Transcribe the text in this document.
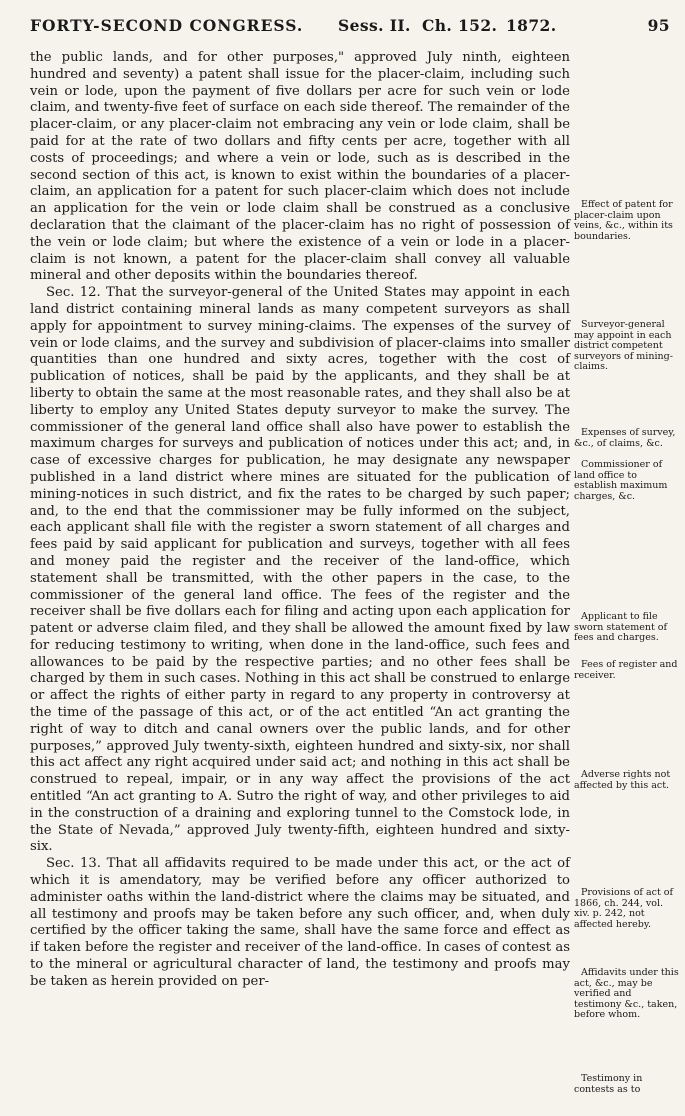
FORTY-SECOND CONGRESS. Sess. II. Ch. 152. 1872.	95

the public lands, and for other purposes," approved July ninth, eighteen hundred and seventy) a patent shall issue for the placer-claim, including such vein or lode, upon the payment of five dollars per acre for such vein or lode claim, and twenty-five feet of surface on each side thereof. The remainder of the placer-claim, or any placer-claim not embracing any vein or lode claim, shall be paid for at the rate of two dollars and fifty cents per acre, together with all costs of proceedings; and where a vein or lode, such as is described in the second section of this act, is known to exist within the boundaries of a placer-claim, an application for a patent for such placer-claim which does not include an application for the vein or lode claim shall be construed as a conclusive declaration that the claimant of the placer-claim has no right of possession of the vein or lode claim; but where the existence of a vein or lode in a placer-claim is not known, a patent for the placer-claim shall convey all valuable mineral and other deposits within the boundaries thereof.

Sec. 12. That the surveyor-general of the United States may appoint in each land district containing mineral lands as many competent surveyors as shall apply for appointment to survey mining-claims. The expenses of the survey of vein or lode claims, and the survey and subdivision of placer-claims into smaller quantities than one hundred and sixty acres, together with the cost of publication of notices, shall be paid by the applicants, and they shall be at liberty to obtain the same at the most reasonable rates, and they shall also be at liberty to employ any United States deputy surveyor to make the survey. The commissioner of the general land office shall also have power to establish the maximum charges for surveys and publication of notices under this act; and, in case of excessive charges for publication, he may designate any newspaper published in a land district where mines are situated for the publication of mining-notices in such district, and fix the rates to be charged by such paper; and, to the end that the commissioner may be fully informed on the subject, each applicant shall file with the register a sworn statement of all charges and fees paid by said applicant for publication and surveys, together with all fees and money paid the register and the receiver of the land-office, which statement shall be transmitted, with the other papers in the case, to the commissioner of the general land office. The fees of the register and the receiver shall be five dollars each for filing and acting upon each application for patent or adverse claim filed, and they shall be allowed the amount fixed by law for reducing testimony to writing, when done in the land-office, such fees and allowances to be paid by the respective parties; and no other fees shall be charged by them in such cases. Nothing in this act shall be construed to enlarge or affect the rights of either party in regard to any property in controversy at the time of the passage of this act, or of the act entitled “An act granting the right of way to ditch and canal owners over the public lands, and for other purposes,” approved July twenty-sixth, eighteen hundred and sixty-six, nor shall this act affect any right acquired under said act; and nothing in this act shall be construed to repeal, impair, or in any way affect the provisions of the act entitled “An act granting to A. Sutro the right of way, and other privileges to aid in the construction of a draining and exploring tunnel to the Comstock lode, in the State of Nevada,” approved July twenty-fifth, eighteen hundred and sixty-six.

Sec. 13. That all affidavits required to be made under this act, or the act of which it is amendatory, may be verified before any officer authorized to administer oaths within the land-district where the claims may be situated, and all testimony and proofs may be taken before any such officer, and, when duly certified by the officer taking the same, shall have the same force and effect as if taken before the register and receiver of the land-office. In cases of contest as to the mineral or agricultural character of land, the testimony and proofs may be taken as herein provided on per-

Effect of patent for placer-claim upon veins, &c., within its boundaries.
Surveyor-general may appoint in each district competent surveyors of mining-claims.
Expenses of survey, &c., of claims, &c.
Commissioner of land office to establish maximum charges, &c.
Applicant to file sworn statement of fees and charges.
Fees of register and receiver.
Adverse rights not affected by this act.
Provisions of act of 1866, ch. 244, vol. xiv. p. 242, not affected hereby.
Affidavits under this act, &c., may be verified and testimony &c., taken, before whom.
Testimony in contests as to
